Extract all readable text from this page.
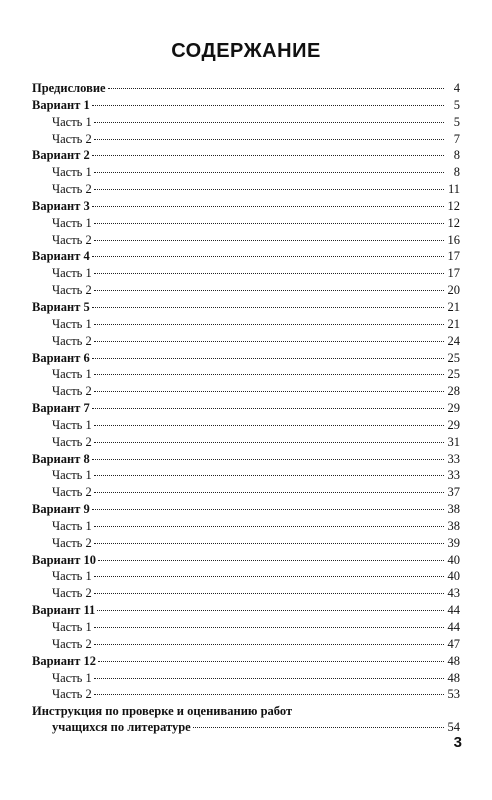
СОДЕРЖАНИЕ
Предисловие	4
Вариант 1	5
Часть 1	5
Часть 2	7
Вариант 2	8
Часть 1	8
Часть 2	11
Вариант 3	12
Часть 1	12
Часть 2	16
Вариант 4	17
Часть 1	17
Часть 2	20
Вариант 5	21
Часть 1	21
Часть 2	24
Вариант 6	25
Часть 1	25
Часть 2	28
Вариант 7	29
Часть 1	29
Часть 2	31
Вариант 8	33
Часть 1	33
Часть 2	37
Вариант 9	38
Часть 1	38
Часть 2	39
Вариант 10	40
Часть 1	40
Часть 2	43
Вариант 11	44
Часть 1	44
Часть 2	47
Вариант 12	48
Часть 1	48
Часть 2	53
Инструкция по проверке и оцениванию работ
учащихся по литературе	54
3
